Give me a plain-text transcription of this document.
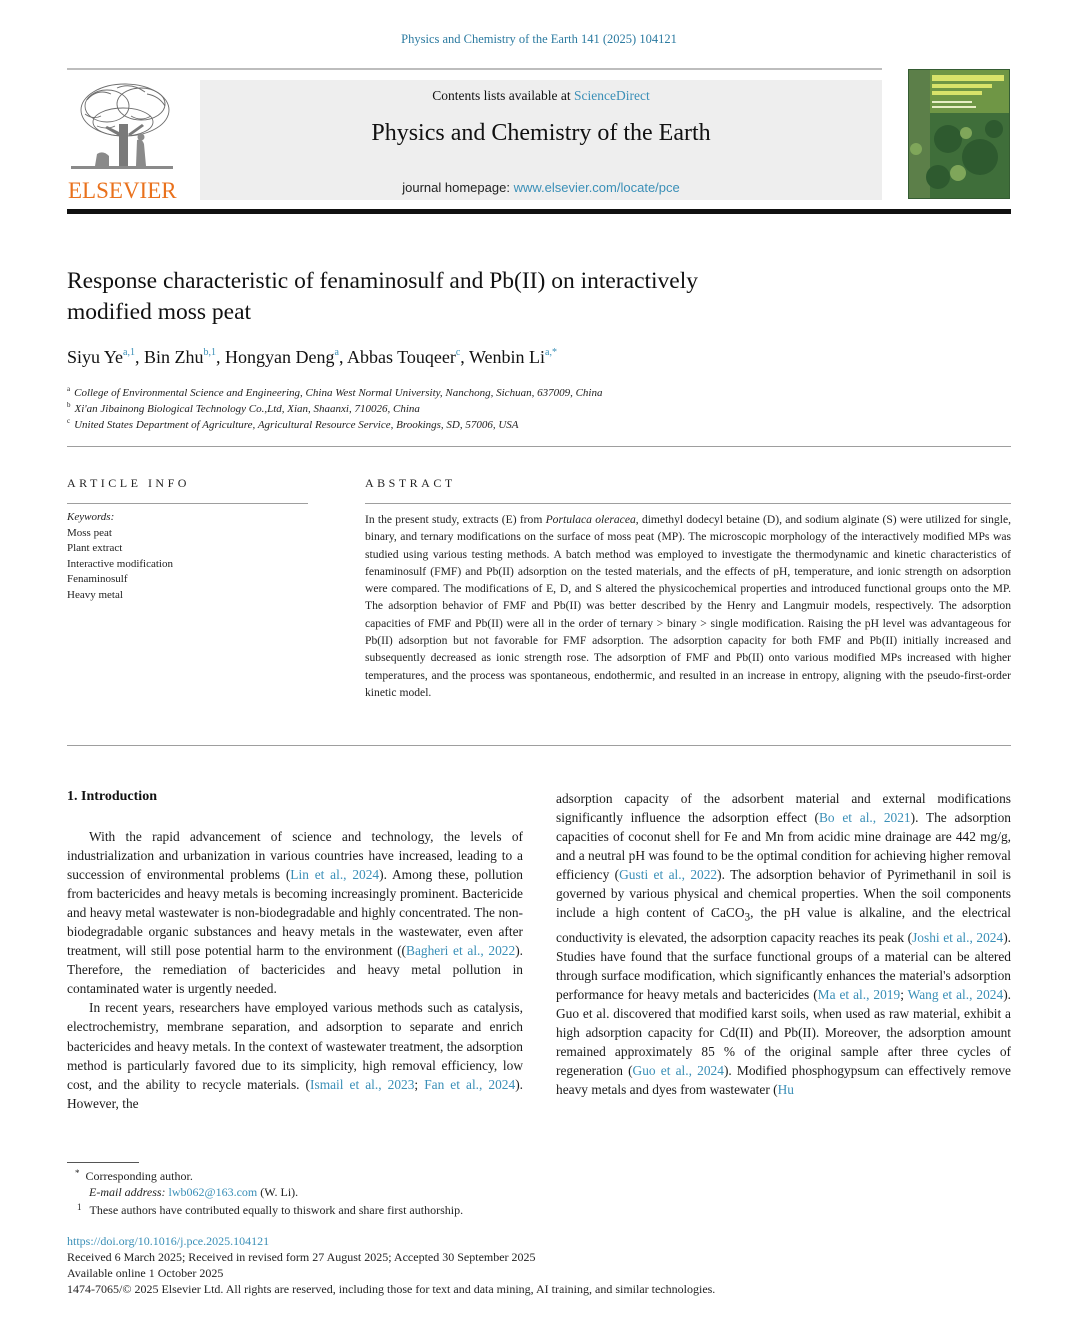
Physics and Chemistry of the Earth 141 (2025) 104121
ELSEVIER
Contents lists available at ScienceDirect
Physics and Chemistry of the Earth
journal homepage: www.elsevier.com/locate/pce
Response characteristic of fenaminosulf and Pb(II) on interactively
modified moss peat
Siyu Ye$^{a,1}$, Bin Zhu$^{b,1}$, Hongyan Deng$^a$, Abbas Touqeer$^c$, Wenbin $Li^{a,*}$
$^a$ College of Environmental Science and Engineering, China West Normal University, Nanchong, Sichuan, 637009, China
$^b$ Xi'an Jibainong Biological Technology Co.,Ltd, Xian, Shaanxi, 710026, China
$^c$ United States Department of Agriculture, Agricultural Resource Service, Brookings, SD, 57006, USA
ARTICLE INFO	ABSTRACT
Keywords:
Moss peat
Plant extract
Interactive modification
Fenaminosulf
Heavy metal
In the present study, extracts (E) from Portulaca oleracea, dimethyl dodecyl betaine (D), and sodium alginate (S) were utilized for single, binary, and ternary modifications on the surface of moss peat (MP). The microscopic morphology of the interactively modified MPs was studied using various testing methods. A batch method was employed to investigate the thermodynamic and kinetic characteristics of fenaminosulf (FMF) and Pb(II) adsorption on the tested materials, and the effects of pH, temperature, and ionic strength on adsorption were compared. The modifications of E, D, and S altered the physicochemical properties and introduced functional groups onto the MP. The adsorption behavior of FMF and Pb(II) was better described by the Henry and Langmuir models, respectively. The adsorption capacities of FMF and Pb(II) were all in the order of ternary > binary > single modification. Raising the pH level was advantageous for Pb(II) adsorption but not favorable for FMF adsorption. The adsorption capacity for both FMF and Pb(II) initially increased and subsequently decreased as ionic strength rose. The adsorption of FMF and Pb(II) onto various modified MPs increased with higher temperatures, and the process was spontaneous, endothermic, and resulted in an increase in entropy, aligning with the pseudo-first-order kinetic model.
1. Introduction

With the rapid advancement of science and technology, the levels of industrialization and urbanization in various countries have increased, leading to a succession of environmental problems (Lin et al., 2024). Among these, pollution from bactericides and heavy metals is becoming increasingly prominent. Bactericide and heavy metal wastewater is non-biodegradable and highly concentrated. The non-biodegradable organic substances and heavy metals in the wastewater, even after treatment, will still pose potential harm to the environment ((Bagheri et al., 2022). Therefore, the remediation of bactericides and heavy metal pollution in contaminated water is urgently needed.

In recent years, researchers have employed various methods such as catalysis, electrochemistry, membrane separation, and adsorption to separate and enrich bactericides and heavy metals. In the context of wastewater treatment, the adsorption method is particularly favored due to its simplicity, high removal efficiency, low cost, and the ability to recycle materials. (Ismail et al., 2023; Fan et al., 2024). However, the

adsorption capacity of the adsorbent material and external modifications significantly influence the adsorption effect (Bo et al., 2021). The adsorption capacities of coconut shell for Fe and Mn from acidic mine drainage are 442 mg/g, and a neutral pH was found to be the optimal condition for achieving higher removal efficiency (Gusti et al., 2022). The adsorption behavior of Pyrimethanil in soil is governed by various physical and chemical properties. When the soil components include a high content of CaCO$_3$, the pH value is alkaline, and the electrical conductivity is elevated, the adsorption capacity reaches its peak (Joshi et al., 2024). Studies have found that the surface functional groups of a material can be altered through surface modification, which significantly enhances the material's adsorption performance for heavy metals and bactericides (Ma et al., 2019; Wang et al., 2024). Guo et al. discovered that modified karst soils, when used as raw material, exhibit a high adsorption capacity for Cd(II) and Pb(II). Moreover, the adsorption amount remained approximately 85 % of the original sample after three cycles of regeneration (Guo et al., 2024). Modified phosphogypsum can effectively remove heavy metals and dyes from wastewater (Hu

* Corresponding author.
E-mail address: lwb062@163.com (W. Li).
$^1$ These authors have contributed equally to thiswork and share first authorship.
https://doi.org/10.1016/j.pce.2025.104121
Received 6 March 2025; Received in revised form 27 August 2025; Accepted 30 September 2025
Available online 1 October 2025
1474-7065/© 2025 Elsevier Ltd. All rights are reserved, including those for text and data mining, AI training, and similar technologies.
